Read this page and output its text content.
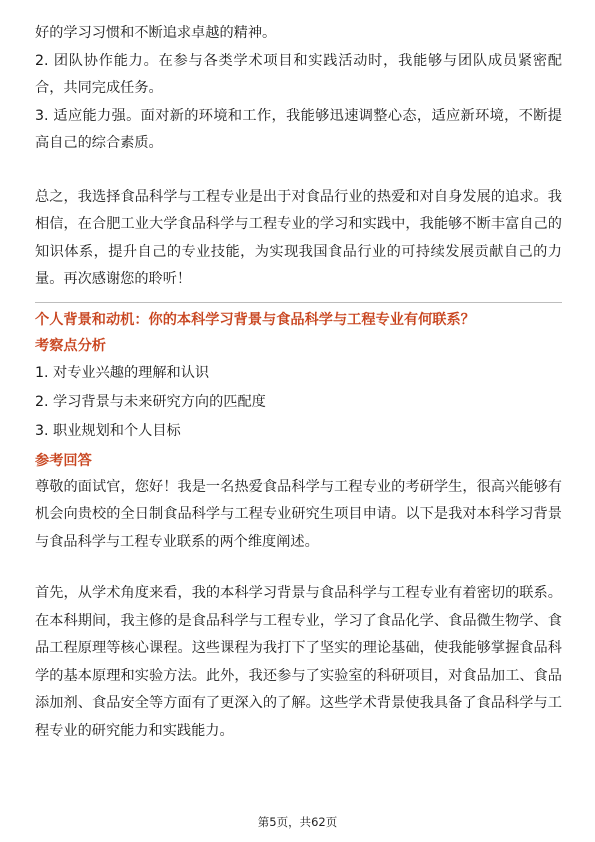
好的学习习惯和不断追求卓越的精神。

2. 团队协作能力。在参与各类学术项目和实践活动时，我能够与团队成员紧密配合，共同完成任务。

3. 适应能力强。面对新的环境和工作，我能够迅速调整心态，适应新环境，不断提高自己的综合素质。

总之，我选择食品科学与工程专业是出于对食品行业的热爱和对自身发展的追求。我相信，在合肥工业大学食品科学与工程专业的学习和实践中，我能够不断丰富自己的知识体系，提升自己的专业技能，为实现我国食品行业的可持续发展贡献自己的力量。再次感谢您的聆听！

个人背景和动机：你的本科学习背景与食品科学与工程专业有何联系？

考察点分析

1. 对专业兴趣的理解和认识

2. 学习背景与未来研究方向的匹配度

3. 职业规划和个人目标

参考回答

尊敬的面试官，您好！我是一名热爱食品科学与工程专业的考研学生，很高兴能够有机会向贵校的全日制食品科学与工程专业研究生项目申请。以下是我对本科学习背景与食品科学与工程专业联系的两个维度阐述。

首先，从学术角度来看，我的本科学习背景与食品科学与工程专业有着密切的联系。在本科期间，我主修的是食品科学与工程专业，学习了食品化学、食品微生物学、食品工程原理等核心课程。这些课程为我打下了坚实的理论基础，使我能够掌握食品科学的基本原理和实验方法。此外，我还参与了实验室的科研项目，对食品加工、食品添加剂、食品安全等方面有了更深入的了解。这些学术背景使我具备了食品科学与工程专业的研究能力和实践能力。

第5页，共62页
